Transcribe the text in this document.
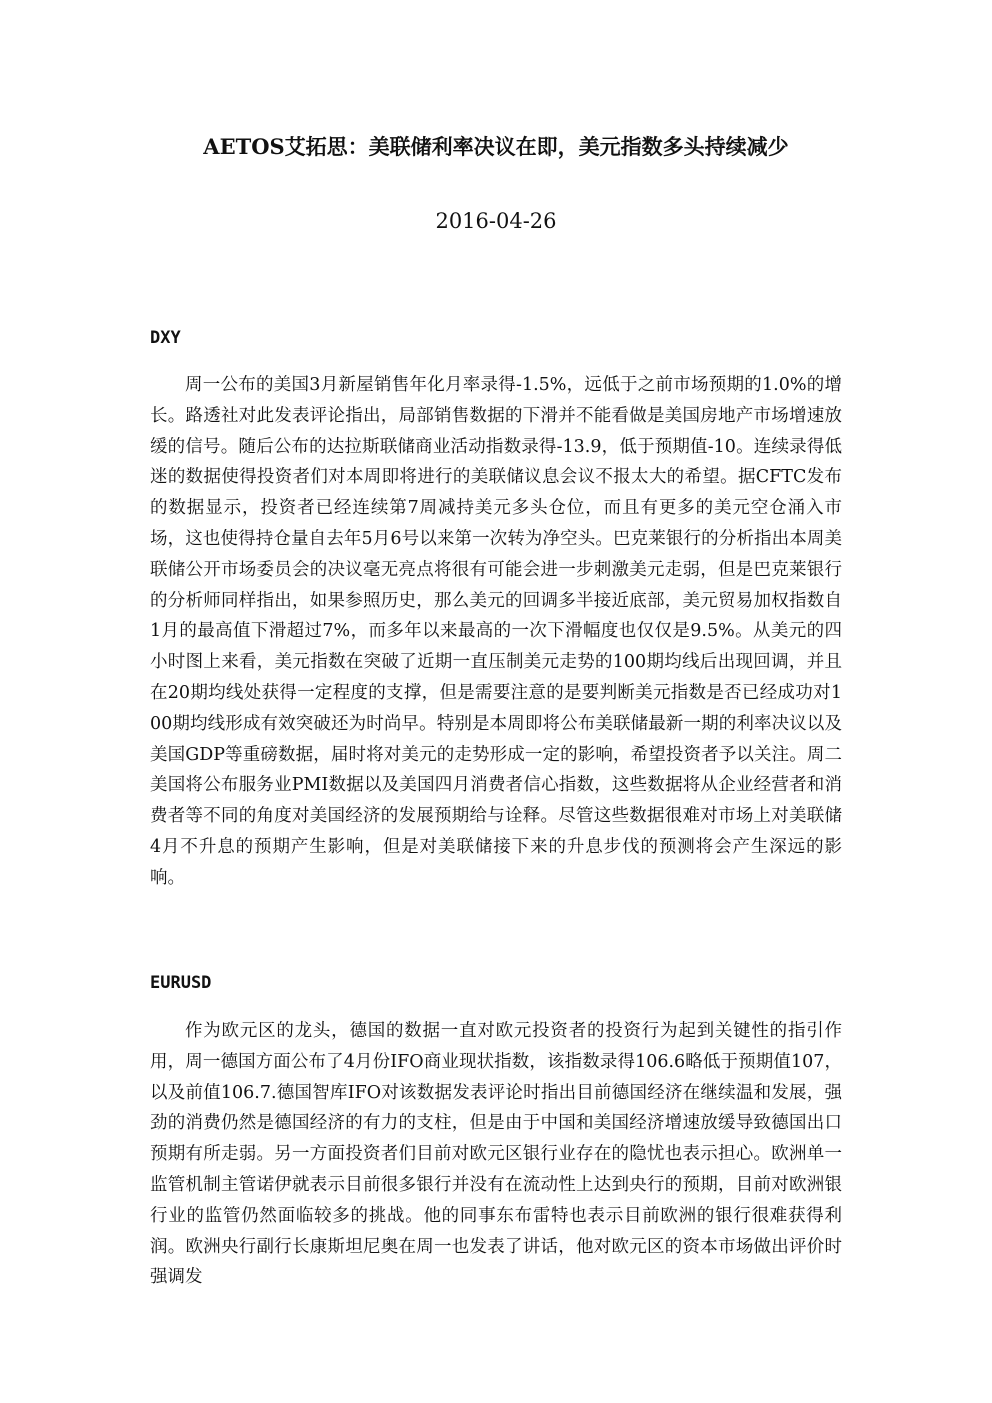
AETOS艾拓思：美联储利率决议在即，美元指数多头持续减少
2016-04-26
DXY

周一公布的美国3月新屋销售年化月率录得-1.5%，远低于之前市场预期的1.0%的增长。路透社对此发表评论指出，局部销售数据的下滑并不能看做是美国房地产市场增速放缓的信号。随后公布的达拉斯联储商业活动指数录得-13.9，低于预期值-10。连续录得低迷的数据使得投资者们对本周即将进行的美联储议息会议不报太大的希望。据CFTC发布的数据显示，投资者已经连续第7周减持美元多头仓位，而且有更多的美元空仓涌入市场，这也使得持仓量自去年5月6号以来第一次转为净空头。巴克莱银行的分析指出本周美联储公开市场委员会的决议毫无亮点将很有可能会进一步刺激美元走弱，但是巴克莱银行的分析师同样指出，如果参照历史，那么美元的回调多半接近底部，美元贸易加权指数自1月的最高值下滑超过7%，而多年以来最高的一次下滑幅度也仅仅是9.5%。从美元的四小时图上来看，美元指数在突破了近期一直压制美元走势的100期均线后出现回调，并且在20期均线处获得一定程度的支撑，但是需要注意的是要判断美元指数是否已经成功对100期均线形成有效突破还为时尚早。特别是本周即将公布美联储最新一期的利率决议以及美国GDP等重磅数据，届时将对美元的走势形成一定的影响，希望投资者予以关注。周二美国将公布服务业PMI数据以及美国四月消费者信心指数，这些数据将从企业经营者和消费者等不同的角度对美国经济的发展预期给与诠释。尽管这些数据很难对市场上对美联储4月不升息的预期产生影响，但是对美联储接下来的升息步伐的预测将会产生深远的影响。

EURUSD

作为欧元区的龙头，德国的数据一直对欧元投资者的投资行为起到关键性的指引作用，周一德国方面公布了4月份IFO商业现状指数，该指数录得106.6略低于预期值107，以及前值106.7.德国智库IFO对该数据发表评论时指出目前德国经济在继续温和发展，强劲的消费仍然是德国经济的有力的支柱，但是由于中国和美国经济增速放缓导致德国出口预期有所走弱。另一方面投资者们目前对欧元区银行业存在的隐忧也表示担心。欧洲单一监管机制主管诺伊就表示目前很多银行并没有在流动性上达到央行的预期，目前对欧洲银行业的监管仍然面临较多的挑战。他的同事东布雷特也表示目前欧洲的银行很难获得利润。欧洲央行副行长康斯坦尼奥在周一也发表了讲话，他对欧元区的资本市场做出评价时强调发
